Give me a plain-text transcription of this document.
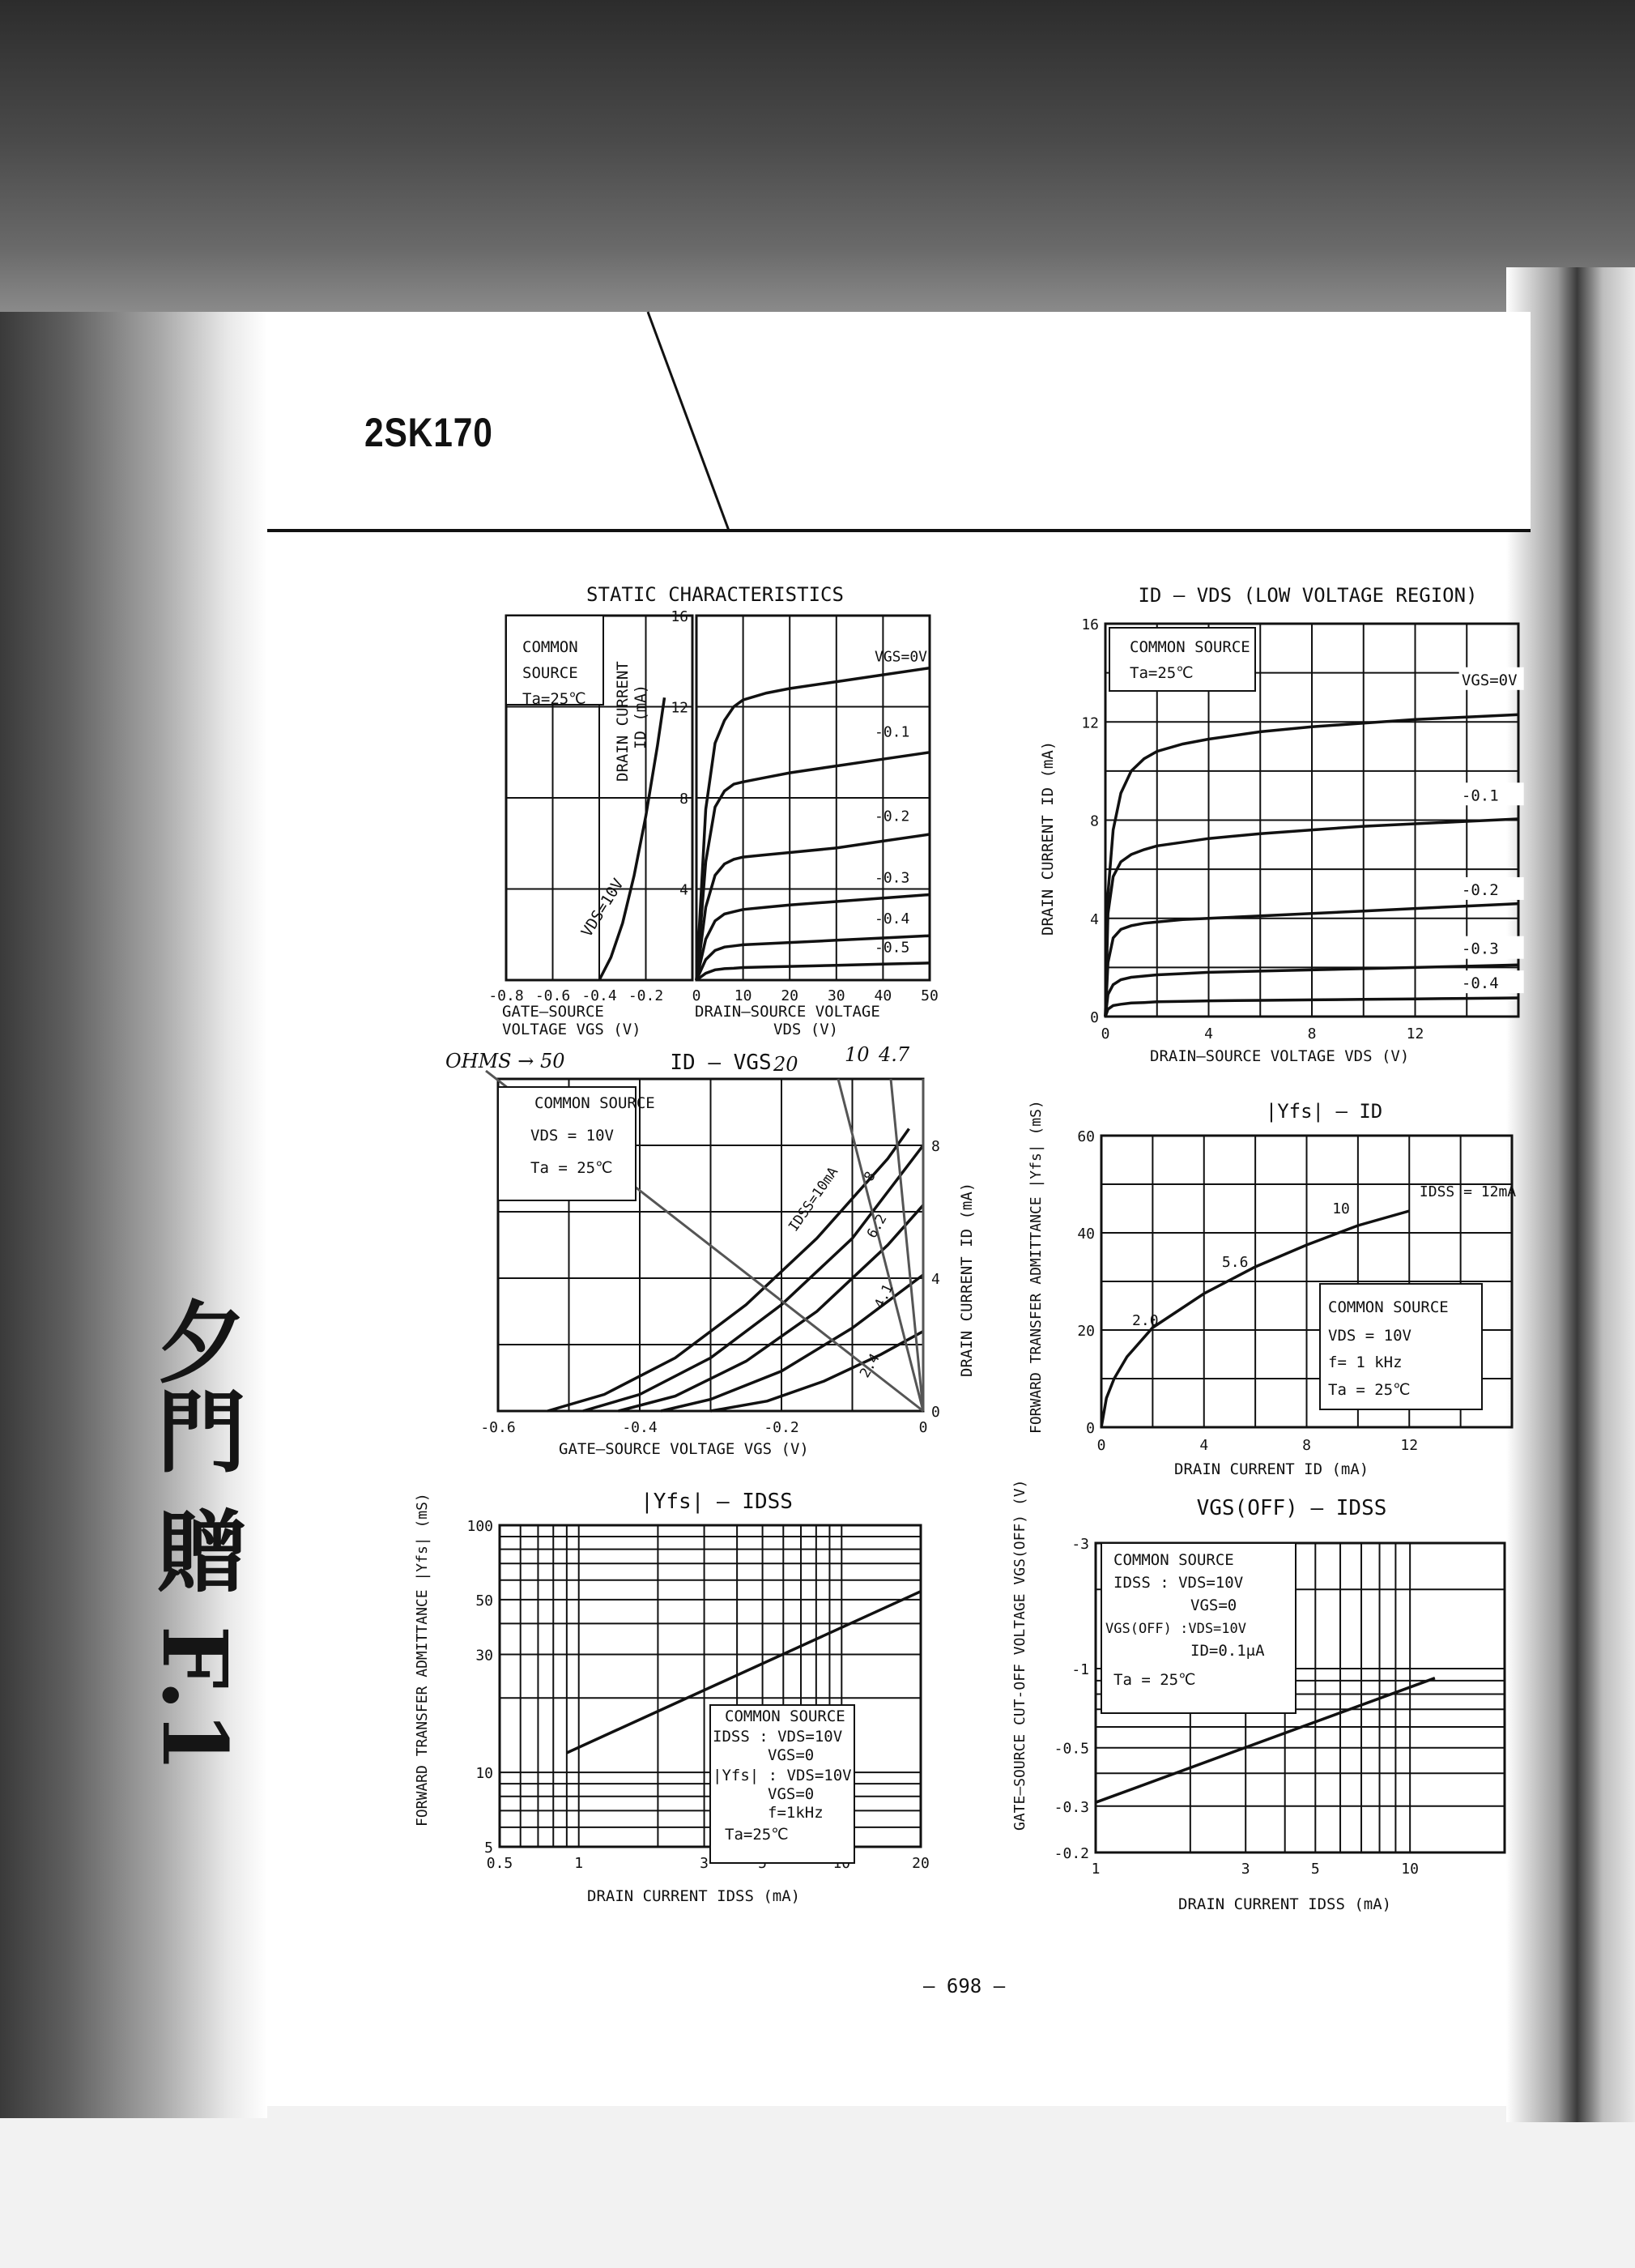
2SK170
夕門 贈 F.1
– 698 –
STATIC CHARACTERISTICS
-0.8 -0.6 -0.4 -0.2
16
12
8
4
0 10 20 30 40 50
VGS=0V
-0.1
-0.2
-0.3
-0.4
-0.5
COMMON
SOURCE
Ta=25℃ DRAIN CURRENT ID (mA)
GATE–SOURCE
VOLTAGE VGS (V)
DRAIN–SOURCE VOLTAGE
VDS (V)
VDS=10V
ID – VDS (LOW VOLTAGE REGION)
0	4	8	12
0
4
8
12
16
VGS=0V
-0.1
-0.2
-0.3
-0.4
COMMON SOURCE
Ta=25℃
DRAIN CURRENT ID (mA)
DRAIN–SOURCE VOLTAGE VDS (V)
ID – VGS
-0.6	-0.4	-0.2	0
0
4
8
IDSS=10mA 8
6.2
4.1
2.4
COMMON SOURCE
VDS = 10V
Ta = 25℃
DRAIN CURRENT ID (mA)
GATE–SOURCE VOLTAGE VGS (V)
OHMS → 50	20 10 4.7
|Yfs| – ID
0	4	8	12
0
20
40
60
IDSS = 12mA
2.0
5.6
10
COMMON SOURCE
VDS = 10V
f= 1 kHz
Ta = 25℃
FORWARD TRANSFER ADMITTANCE |Yfs| (mS)
DRAIN CURRENT ID (mA)
|Yfs| – IDSS
0.5	1	3	20
5
10
30
50
100
COMMON SOURCE
IDSS : VDS=10V
VGS=0
|Yfs| : VDS=10V
VGS=0
f=1kHz
Ta=25℃
FORWARD TRANSFER ADMITTANCE |Yfs| (mS)
DRAIN CURRENT IDSS (mA)
VGS(OFF) – IDSS
1	3	5	10
-3
-1
-0.5
-0.3
-0.2
COMMON SOURCE
IDSS : VDS=10V
VGS=0
VGS(OFF) :VDS=10V
ID=0.1μA
Ta = 25℃
GATE–SOURCE CUT-OFF VOLTAGE VGS(OFF) (V)
DRAIN CURRENT IDSS (mA)
